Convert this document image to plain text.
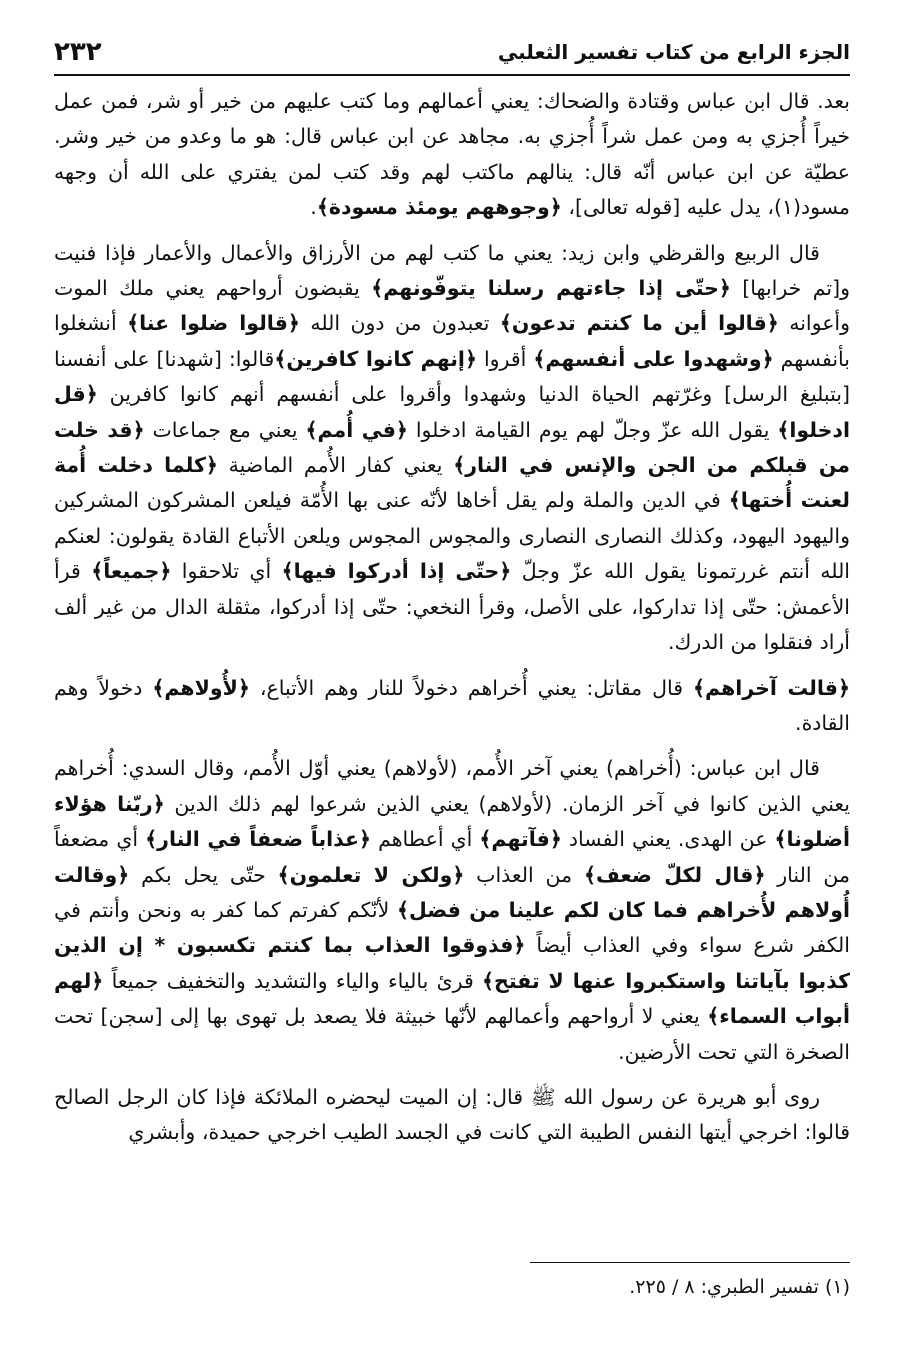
الجزء الرابع من كتاب تفسير الثعلبي
٢٣٢

بعد. قال ابن عباس وقتادة والضحاك: يعني أعمالهم وما كتب عليهم من خير أو شر، فمن عمل خيراً أُجزي به ومن عمل شراً أُجزي به. مجاهد عن ابن عباس قال: هو ما وعدو من خير وشر. عطيّة عن ابن عباس أنّه قال: ينالهم ماكتب لهم وقد كتب لمن يفتري على الله أن وجهه مسود(١)، يدل عليه [قوله تعالى]، ﴿وجوههم يومئذ مسودة﴾.

قال الربيع والقرظي وابن زيد: يعني ما كتب لهم من الأرزاق والأعمال والأعمار فإذا فنيت و[تم خرابها] ﴿حتّى إذا جاءتهم رسلنا يتوفّونهم﴾ يقبضون أرواحهم يعني ملك الموت وأعوانه ﴿قالوا أين ما كنتم تدعون﴾ تعبدون من دون الله ﴿قالوا ضلوا عنا﴾ أنشغلوا بأنفسهم ﴿وشهدوا على أنفسهم﴾ أقروا ﴿إنهم كانوا كافرين﴾قالوا: [شهدنا] على أنفسنا [بتبليغ الرسل] وغرّتهم الحياة الدنيا وشهدوا وأقروا على أنفسهم أنهم كانوا كافرين ﴿قل ادخلوا﴾ يقول الله عزّ وجلّ لهم يوم القيامة ادخلوا ﴿في أُمم﴾ يعني مع جماعات ﴿قد خلت من قبلكم من الجن والإنس في النار﴾ يعني كفار الأُمم الماضية ﴿كلما دخلت أُمة لعنت أُختها﴾ في الدين والملة ولم يقل أخاها لأنّه عنى بها الأُمّة فيلعن المشركون المشركين واليهود اليهود، وكذلك النصارى النصارى والمجوس المجوس ويلعن الأتباع القادة يقولون: لعنكم الله أنتم غررتمونا يقول الله عزّ وجلّ ﴿حتّى إذا أدركوا فيها﴾ أي تلاحقوا ﴿جميعاً﴾ قرأ الأعمش: حتّى إذا تداركوا، على الأصل، وقرأ النخعي: حتّى إذا أدركوا، مثقلة الدال من غير ألف أراد فنقلوا من الدرك.

﴿قالت آخراهم﴾ قال مقاتل: يعني أُخراهم دخولاً للنار وهم الأتباع، ﴿لأُولاهم﴾ دخولاً وهم القادة.

قال ابن عباس: (أُخراهم) يعني آخر الأُمم، (لأولاهم) يعني أوّل الأُمم، وقال السدي: أُخراهم يعني الذين كانوا في آخر الزمان. (لأولاهم) يعني الذين شرعوا لهم ذلك الدين ﴿ربّنا هؤلاء أضلونا﴾ عن الهدى. يعني الفساد ﴿فآتهم﴾ أي أعطاهم ﴿عذاباً ضعفاً في النار﴾ أي مضعفاً من النار ﴿قال لكلّ ضعف﴾ من العذاب ﴿ولكن لا تعلمون﴾ حتّى يحل بكم ﴿وقالت أُولاهم لأُخراهم فما كان لكم علينا من فضل﴾ لأنّكم كفرتم كما كفر به ونحن وأنتم في الكفر شرع سواء وفي العذاب أيضاً ﴿فذوقوا العذاب بما كنتم تكسبون * إن الذين كذبوا بآياتنا واستكبروا عنها لا تفتح﴾ قرئ بالياء والياء والتشديد والتخفيف جميعاً ﴿لهم أبواب السماء﴾ يعني لا أرواحهم وأعمالهم لأنّها خبيثة فلا يصعد بل تهوى بها إلى [سجن] تحت الصخرة التي تحت الأرضين.

روى أبو هريرة عن رسول الله ﷺ قال: إن الميت ليحضره الملائكة فإذا كان الرجل الصالح قالوا: اخرجي أيتها النفس الطيبة التي كانت في الجسد الطيب اخرجي حميدة، وأبشري

(١) تفسير الطبري: ٨ / ٢٢٥.
